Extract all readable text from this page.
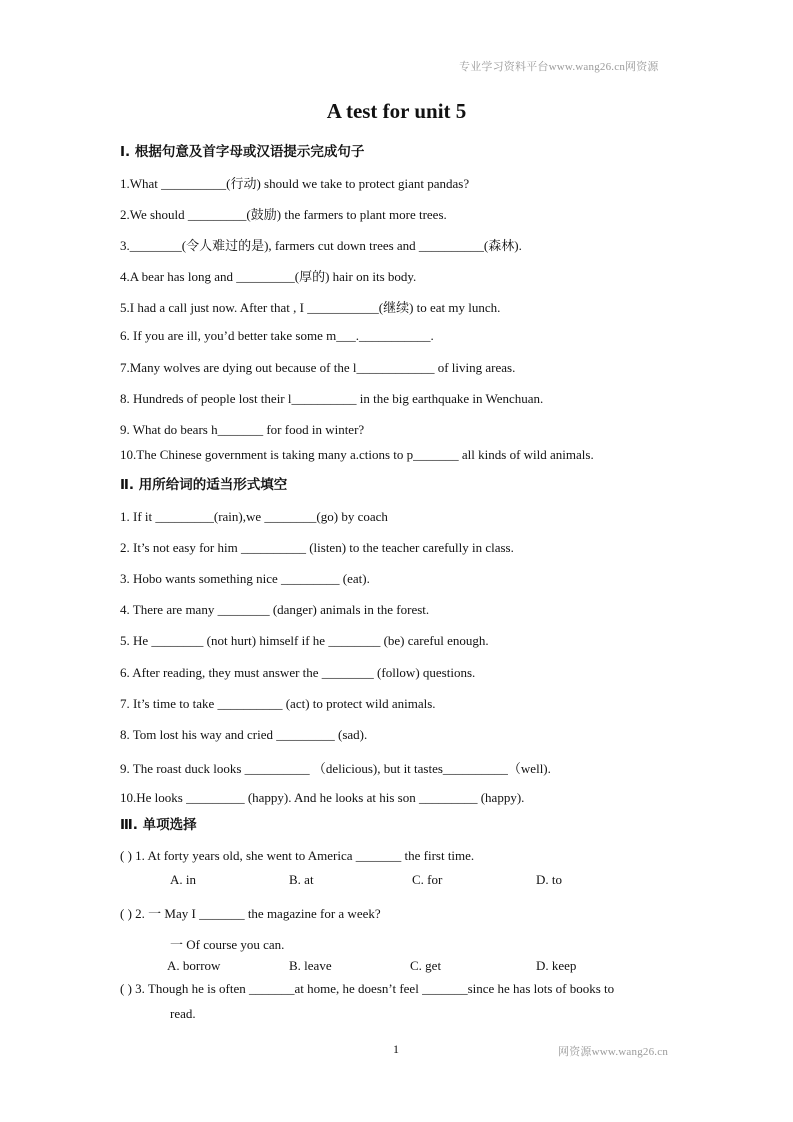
专业学习资料平台www.wang26.cn网资源
A test for unit 5
Ⅰ. 根据句意及首字母或汉语提示完成句子
1.What __________(行动) should we take to protect giant pandas?
2.We should _________(鼓励) the farmers to plant more trees.
3.________(令人难过的是), farmers cut down trees and __________(森林).
4.A bear has long and _________(厚的) hair on its body.
5.I had a call just now. After that , I ___________(继续) to eat my lunch.
6. If you are ill, you’d better take some m___.___________.
7.Many wolves are dying out because of the l____________ of living areas.
8. Hundreds of people lost their l__________ in the big earthquake in Wenchuan.
9. What do bears h_______ for food in winter?
10.The Chinese government is taking many a.ctions to p_______ all kinds of wild animals.
Ⅱ. 用所给词的适当形式填空
1. If it _________(rain),we ________(go) by coach
2. It’s not easy for him __________ (listen) to the teacher carefully in class.
3. Hobo wants something nice _________ (eat).
4. There are many ________ (danger) animals in the forest.
5. He ________ (not hurt) himself if he ________ (be) careful enough.
6. After reading, they must answer the ________ (follow) questions.
7. It’s time to take __________ (act) to protect wild animals.
8. Tom lost his way and cried _________ (sad).
9. The roast duck looks __________ （delicious), but it tastes__________（well).
10.He looks _________ (happy). And he looks at his son _________ (happy).
Ⅲ. 单项选择
( ) 1. At forty years old, she went to America _______ the first time.
A. in	B. at	C. for	D. to
( ) 2. 一 May I _______ the magazine for a week?
一 Of course you can.
A. borrow	B. leave	C. get	D. keep
( ) 3. Though he is often _______at home, he doesn’t feel _______since he has lots of books to
read.
1	网资源www.wang26.cn
